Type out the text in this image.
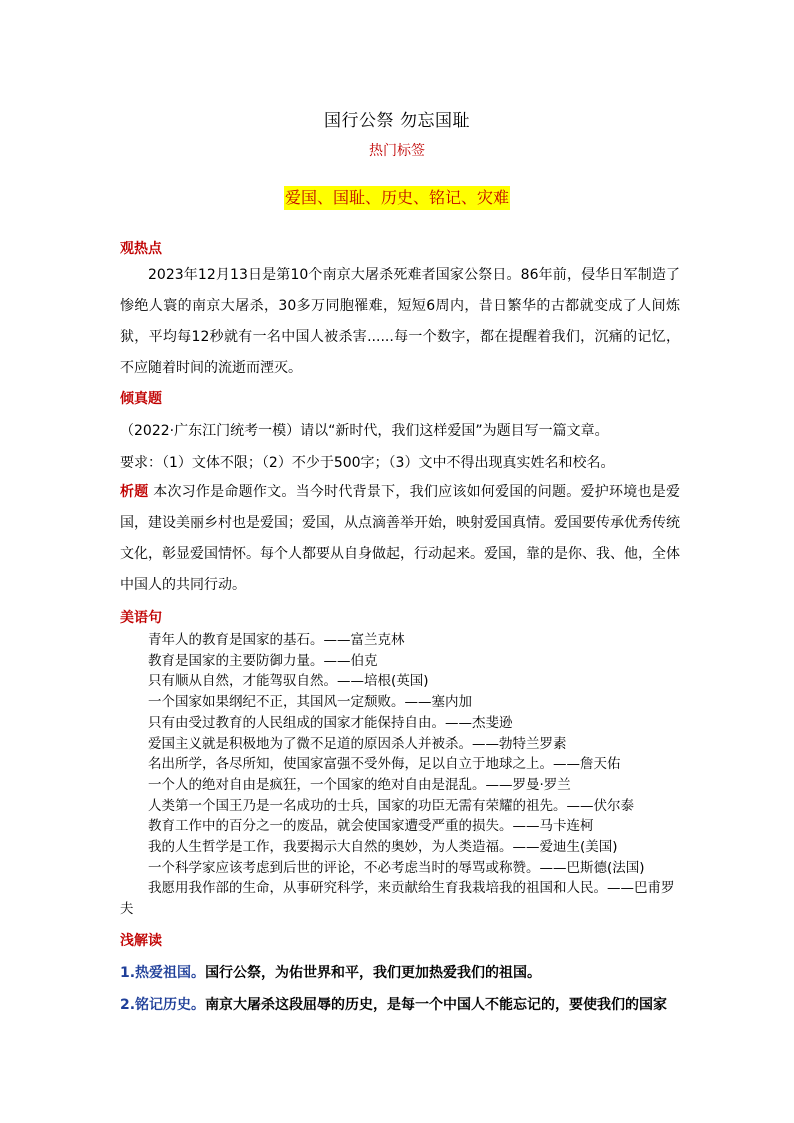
国行公祭 勿忘国耻
热门标签
爱国、国耻、历史、铭记、灾难
观热点
2023年12月13日是第10个南京大屠杀死难者国家公祭日。86年前，侵华日军制造了惨绝人寰的南京大屠杀，30多万同胞罹难，短短6周内，昔日繁华的古都就变成了人间炼狱，平均每12秒就有一名中国人被杀害......每一个数字，都在提醒着我们，沉痛的记忆，不应随着时间的流逝而湮灭。
倾真题
（2022·广东江门统考一模）请以“新时代，我们这样爱国”为题目写一篇文章。
要求：（1）文体不限；（2）不少于500字；（3）文中不得出现真实姓名和校名。
析题 本次习作是命题作文。当今时代背景下，我们应该如何爱国的问题。爱护环境也是爱国，建设美丽乡村也是爱国；爱国，从点滴善举开始，映射爱国真情。爱国要传承优秀传统文化，彰显爱国情怀。每个人都要从自身做起，行动起来。爱国，靠的是你、我、他，全体中国人的共同行动。
美语句
青年人的教育是国家的基石。——富兰克林
教育是国家的主要防御力量。——伯克
只有顺从自然，才能驾驭自然。——培根(英国)
一个国家如果纲纪不正，其国风一定颓败。——塞内加
只有由受过教育的人民组成的国家才能保持自由。——杰斐逊
爱国主义就是积极地为了微不足道的原因杀人并被杀。——勃特兰罗素
名出所学，各尽所知，使国家富强不受外侮，足以自立于地球之上。——詹天佑
一个人的绝对自由是疯狂，一个国家的绝对自由是混乱。——罗曼·罗兰
人类第一个国王乃是一名成功的士兵，国家的功臣无需有荣耀的祖先。——伏尔泰
教育工作中的百分之一的废品，就会使国家遭受严重的损失。——马卡连柯
我的人生哲学是工作，我要揭示大自然的奥妙，为人类造福。——爱迪生(美国)
一个科学家应该考虑到后世的评论，不必考虑当时的辱骂或称赞。——巴斯德(法国)
我愿用我作部的生命，从事研究科学，来贡献给生育我栽培我的祖国和人民。——巴甫罗夫
浅解读
1.热爱祖国。国行公祭，为佑世界和平，我们更加热爱我们的祖国。
2.铭记历史。南京大屠杀这段屈辱的历史，是每一个中国人不能忘记的，要使我们的国家
